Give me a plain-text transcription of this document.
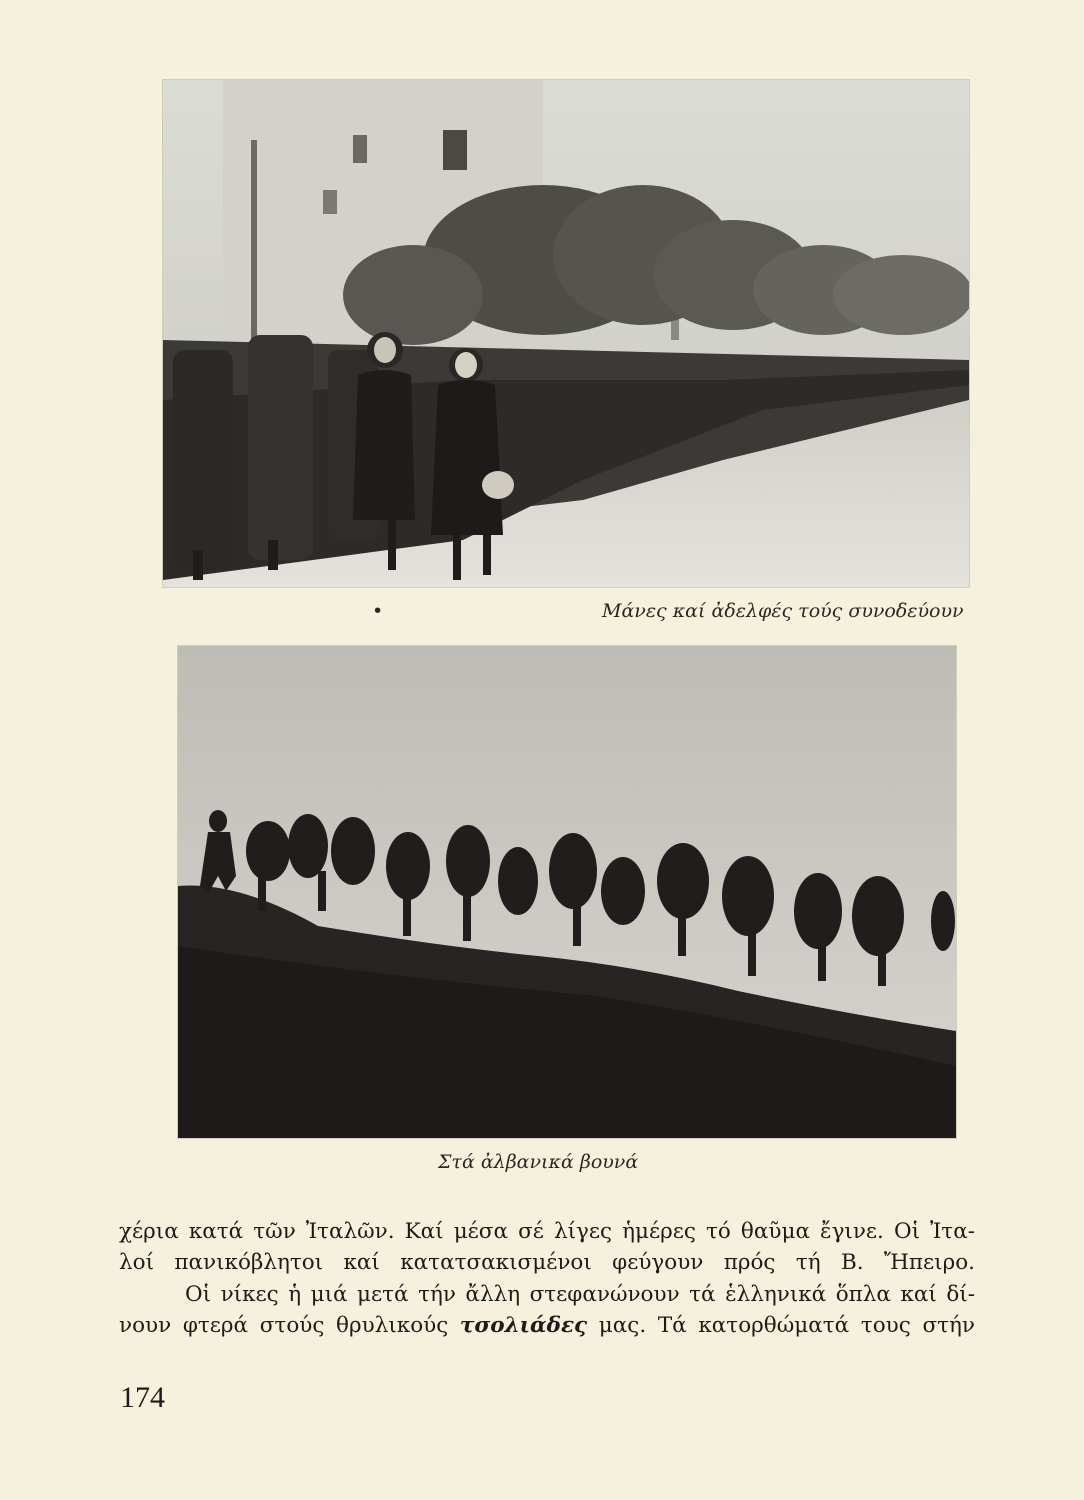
•	Μάνες καί ἀδελφές τούς συνοδεύουν
Στά ἀλβανικά βουνά
χέρια κατά τῶν Ἰταλῶν. Καί μέσα σέ λίγες ἡμέρες τό θαῦμα ἔγινε. Οἱ Ἰτα-
λοί πανικόβλητοι καί κατατσακισμένοι φεύγουν πρός τή Β. Ἤπειρο.
Οἱ νίκες ἡ μιά μετά τήν ἄλλη στεφανώνουν τά ἑλληνικά ὅπλα καί δί-
νουν φτερά στούς θρυλικούς τσολιάδες μας. Τά κατορθώματά τους στήν
174
